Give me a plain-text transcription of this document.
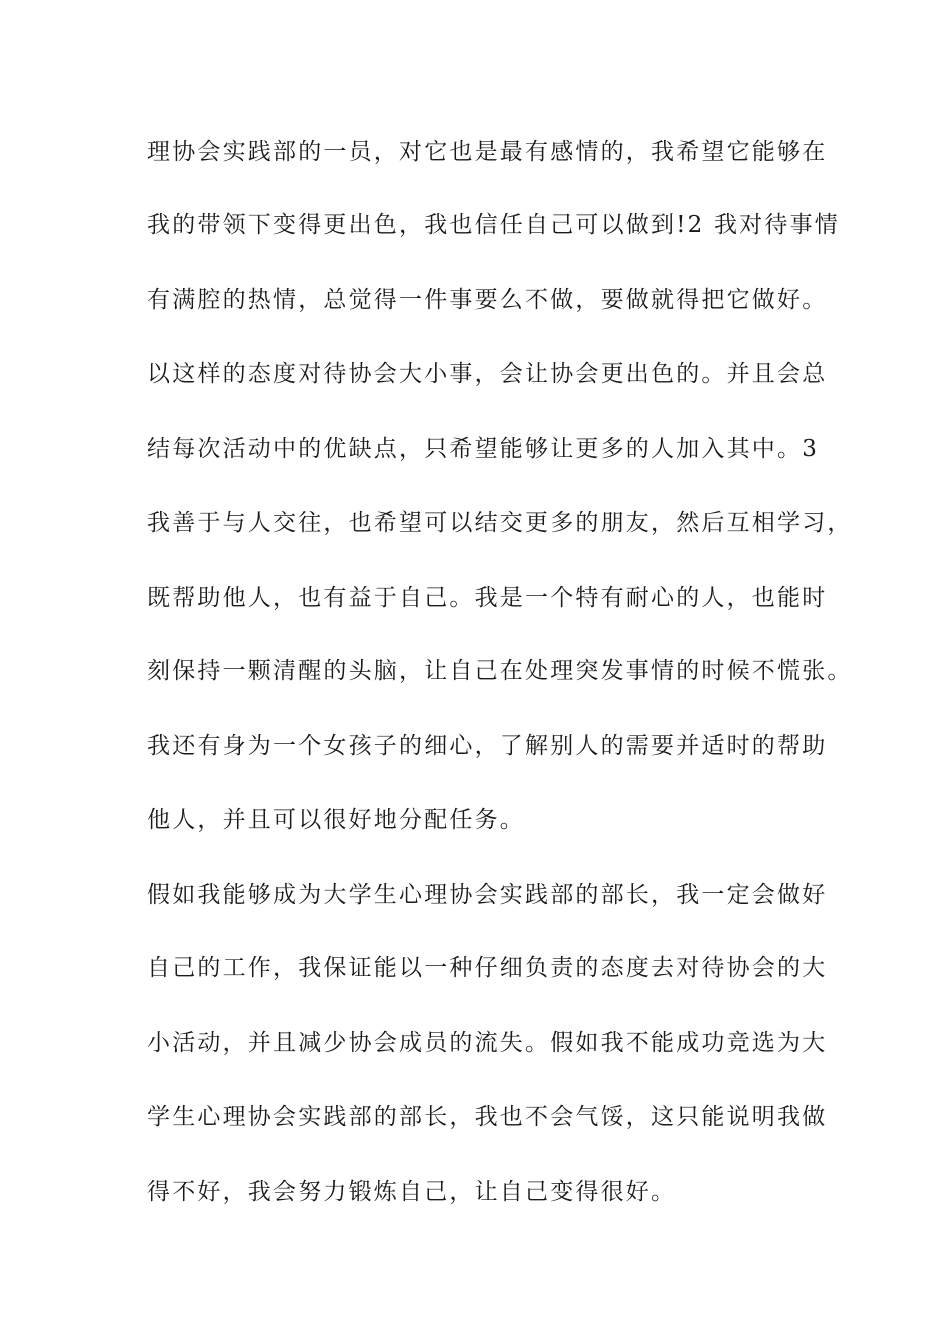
理协会实践部的一员，对它也是最有感情的，我希望它能够在
我的带领下变得更出色，我也信任自己可以做到!2 我对待事情
有满腔的热情，总觉得一件事要么不做，要做就得把它做好。
以这样的态度对待协会大小事，会让协会更出色的。并且会总
结每次活动中的优缺点，只希望能够让更多的人加入其中。3
我善于与人交往，也希望可以结交更多的朋友，然后互相学习，
既帮助他人，也有益于自己。我是一个特有耐心的人，也能时
刻保持一颗清醒的头脑，让自己在处理突发事情的时候不慌张。
我还有身为一个女孩子的细心，了解别人的需要并适时的帮助
他人，并且可以很好地分配任务。
假如我能够成为大学生心理协会实践部的部长，我一定会做好
自己的工作，我保证能以一种仔细负责的态度去对待协会的大
小活动，并且减少协会成员的流失。假如我不能成功竞选为大
学生心理协会实践部的部长，我也不会气馁，这只能说明我做
得不好，我会努力锻炼自己，让自己变得很好。
